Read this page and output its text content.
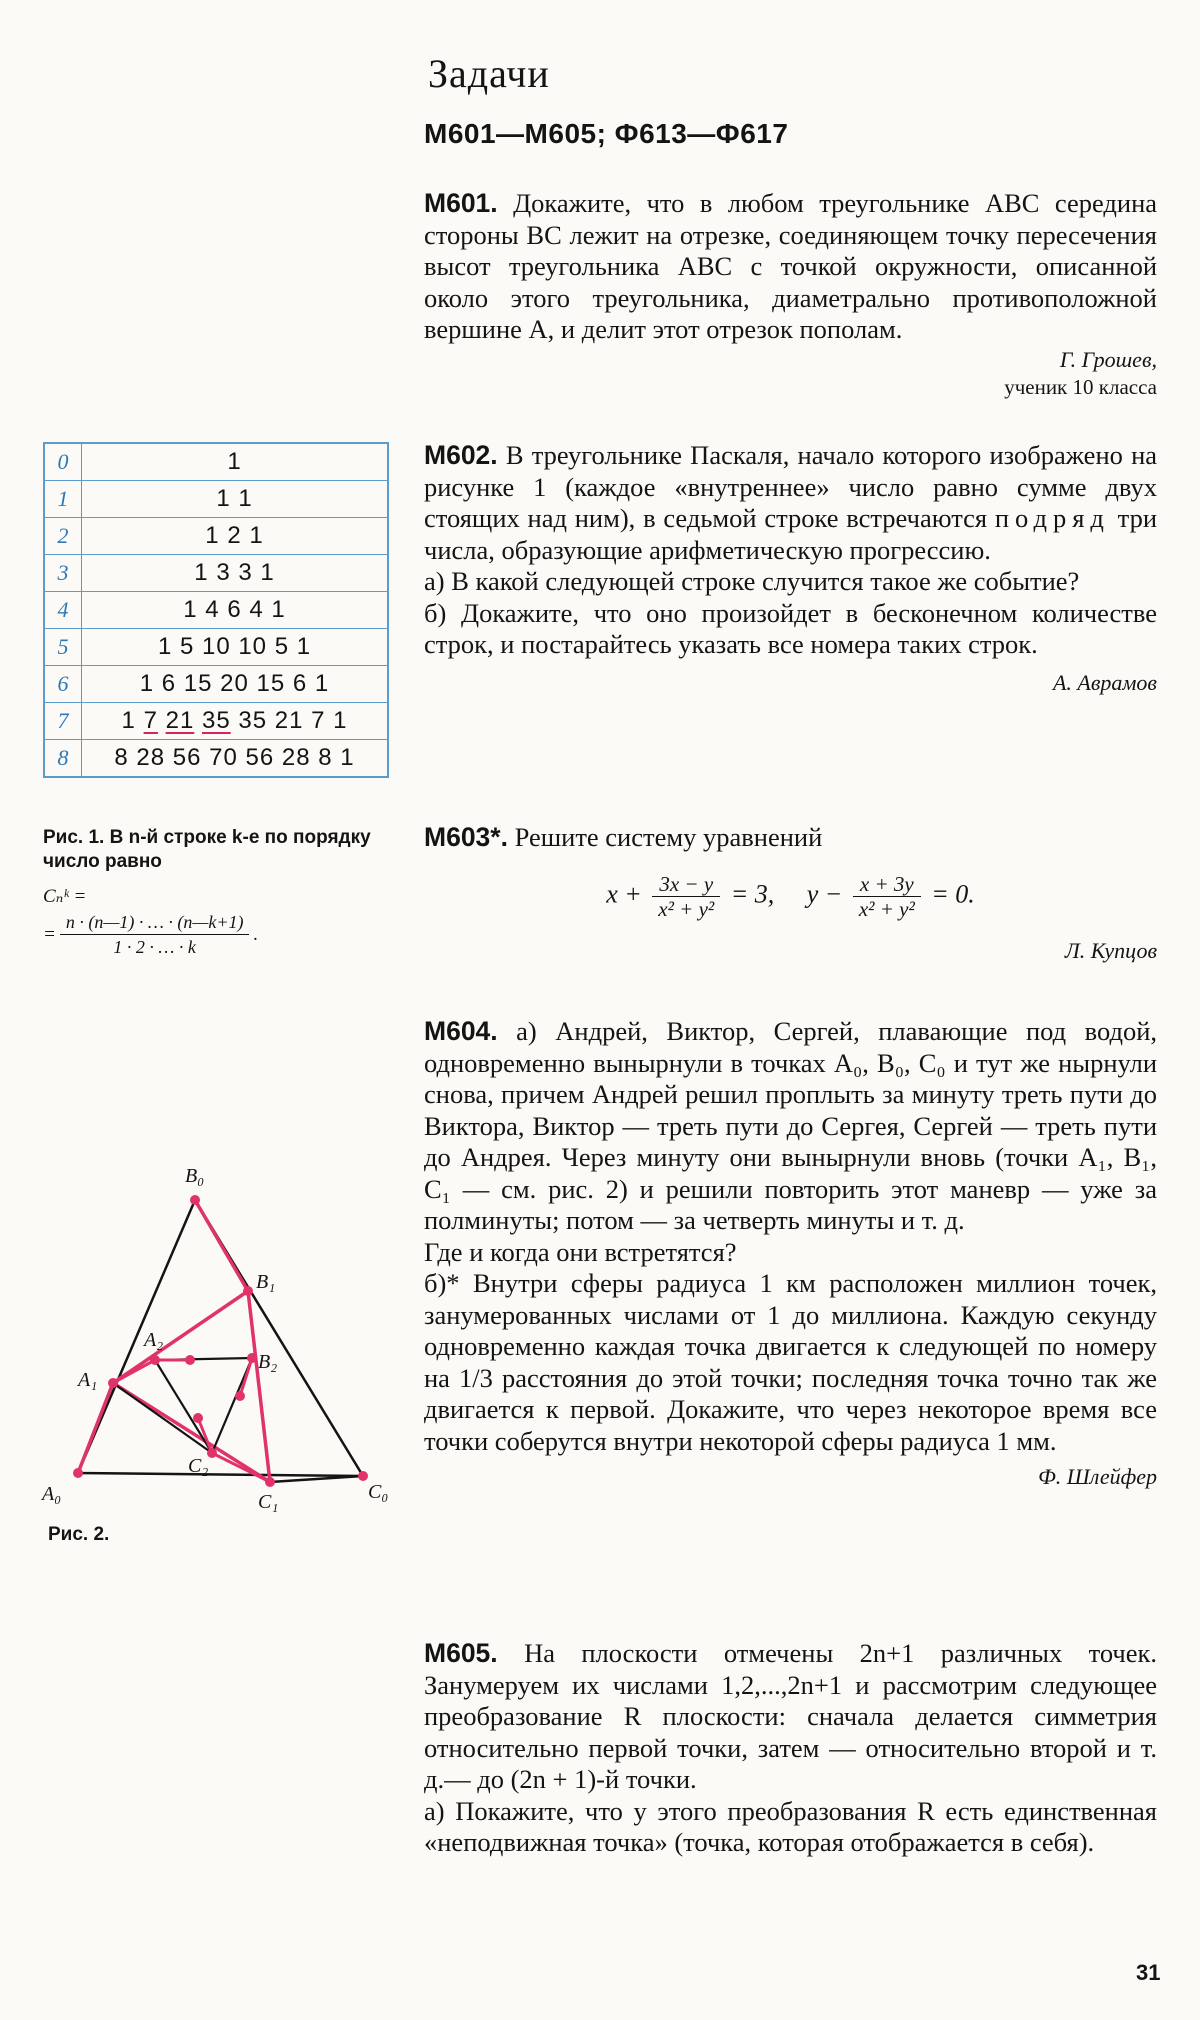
Задачи
М601—М605; Ф613—Ф617

М601. Докажите, что в любом треугольнике ABC середина стороны BC лежит на отрезке, соединяющем точку пересечения высот треугольника ABC с точкой окружности, описанной около этого треугольника, диаметрально противоположной вершине A, и делит этот отрезок пополам.

Г. Грошев,
ученик 10 класса

М602. В треугольнике Паскаля, начало которого изображено на рисунке 1 (каждое «внутреннее» число равно сумме двух стоящих над ним), в седьмой строке встречаются подряд три числа, образующие арифметическую прогрессию.

а) В какой следующей строке случится такое же событие?

б) Докажите, что оно произойдет в бесконечном количестве строк, и постарайтесь указать все номера таких строк.

А. Аврамов

М603*. Решите систему уравнений

$x + \frac{3x - y}{\text{x² + y²}} = 3$, $y - \frac{x + 3y}{\text{x² + y²}} = 0$.
Л. Купцов

М604. а) Андрей, Виктор, Сергей, плавающие под водой, одновременно вынырнули в точках A₀, B₀, C₀ и тут же нырнули снова, причем Андрей решил проплыть за минуту треть пути до Виктора, Виктор — треть пути до Сергея, Сергей — треть пути до Андрея. Через минуту они вынырнули вновь (точки A₁, B₁, C₁ — см. рис. 2) и решили повторить этот маневр — уже за полминуты; потом — за четверть минуты и т. д.

Где и когда они встретятся?

б)* Внутри сферы радиуса 1 км расположен миллион точек, занумерованных числами от 1 до миллиона. Каждую секунду одновременно каждая точка двигается к следующей по номеру на 1/3 расстояния до этой точки; последняя точка точно так же двигается к первой. Докажите, что через некоторое время все точки соберутся внутри некоторой сферы радиуса 1 мм.

Ф. Шлейфер

М605. На плоскости отмечены 2n+1 различных точек. Занумеруем их числами 1,2,...,2n+1 и рассмотрим следующее преобразование R плоскости: сначала делается симметрия относительно первой точки, затем — относительно второй и т. д.— до (2n + 1)-й точки.

а) Покажите, что у этого преобразования R есть единственная «неподвижная точка» (точка, которая отображается в себя).

0	1
1	1 1
2	1 2 1
3	1 3 3 1
4	1 4 6 4 1
5	1 5 10 10 5 1
6	1 6 15 20 15 6 1
7	1 7 21 35 35 21 7 1
8	8 28 56 70 56 28 8 1
Рис. 1. В n-й строке k-е по порядку число равно
Cₙᵏ =
= $\frac{n \cdot (n—1) \cdot \dots \cdot (n—k+1)}{1 \cdot 2 \cdot \dots \cdot k}$ .
B₀
B₁
B₂
A₂
A₁
A₀	C₀
C₁
C₂
Рис. 2.
31
